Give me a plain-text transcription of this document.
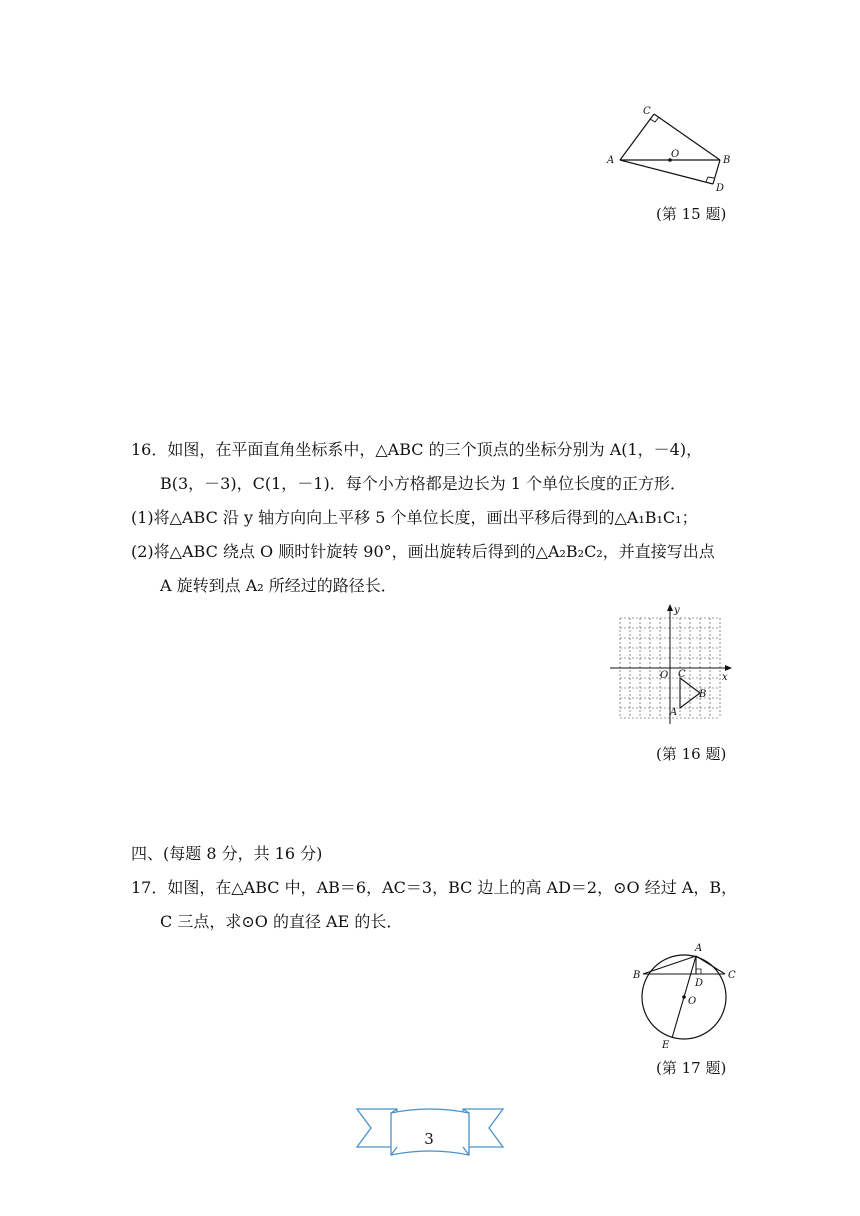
C
A
O
B
D
(第 15 题)
16．如图，在平面直角坐标系中，△ABC 的三个顶点的坐标分别为 A(1，－4)，
B(3，－3)，C(1，－1)．每个小方格都是边长为 1 个单位长度的正方形．
(1)将△ABC 沿 y 轴方向向上平移 5 个单位长度，画出平移后得到的△A₁B₁C₁；
(2)将△ABC 绕点 O 顺时针旋转 90°，画出旋转后得到的△A₂B₂C₂，并直接写出点
A 旋转到点 A₂ 所经过的路径长．
y
x
O C
B
A
(第 16 题)
四、(每题 8 分，共 16 分)
17．如图，在△ABC 中，AB＝6，AC＝3，BC 边上的高 AD＝2，⊙O 经过 A，B，
C 三点，求⊙O 的直径 AE 的长．
A
B	C
D
O
E
(第 17 题)
3
